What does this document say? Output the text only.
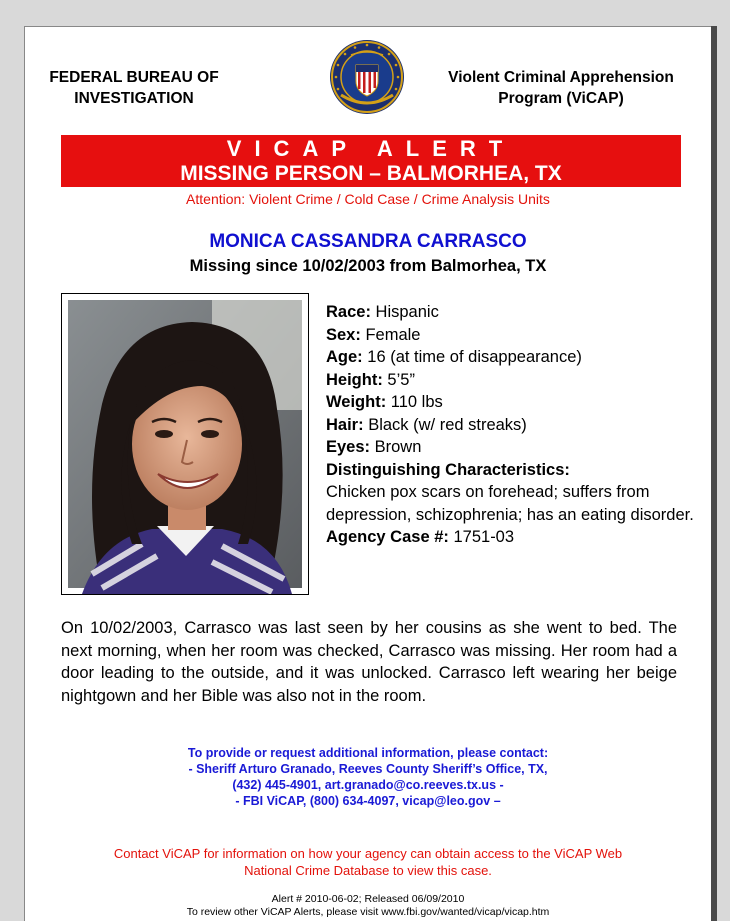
FEDERAL BUREAU OF
INVESTIGATION
Violent Criminal Apprehension
Program (ViCAP)
VICAP ALERT
MISSING PERSON – BALMORHEA, TX
Attention: Violent Crime / Cold Case / Crime Analysis Units
MONICA CASSANDRA CARRASCO
Missing since 10/02/2003 from Balmorhea, TX
Race: Hispanic
Sex: Female
Age: 16 (at time of disappearance)
Height: 5’5”
Weight: 110 lbs
Hair: Black (w/ red streaks)
Eyes: Brown
Distinguishing Characteristics:
Chicken pox scars on forehead; suffers from depression, schizophrenia; has an eating disorder.
Agency Case #: 1751-03
On 10/02/2003, Carrasco was last seen by her cousins as she went to bed. The next morning, when her room was checked, Carrasco was missing. Her room had a door leading to the outside, and it was unlocked. Carrasco left wearing her beige nightgown and her Bible was also not in the room.
To provide or request additional information, please contact:
- Sheriff Arturo Granado, Reeves County Sheriff’s Office, TX,
(432) 445-4901, art.granado@co.reeves.tx.us -
- FBI ViCAP, (800) 634-4097, vicap@leo.gov –
Contact ViCAP for information on how your agency can obtain access to the ViCAP Web
National Crime Database to view this case.
Alert # 2010-06-02; Released 06/09/2010
To review other ViCAP Alerts, please visit www.fbi.gov/wanted/vicap/vicap.htm
